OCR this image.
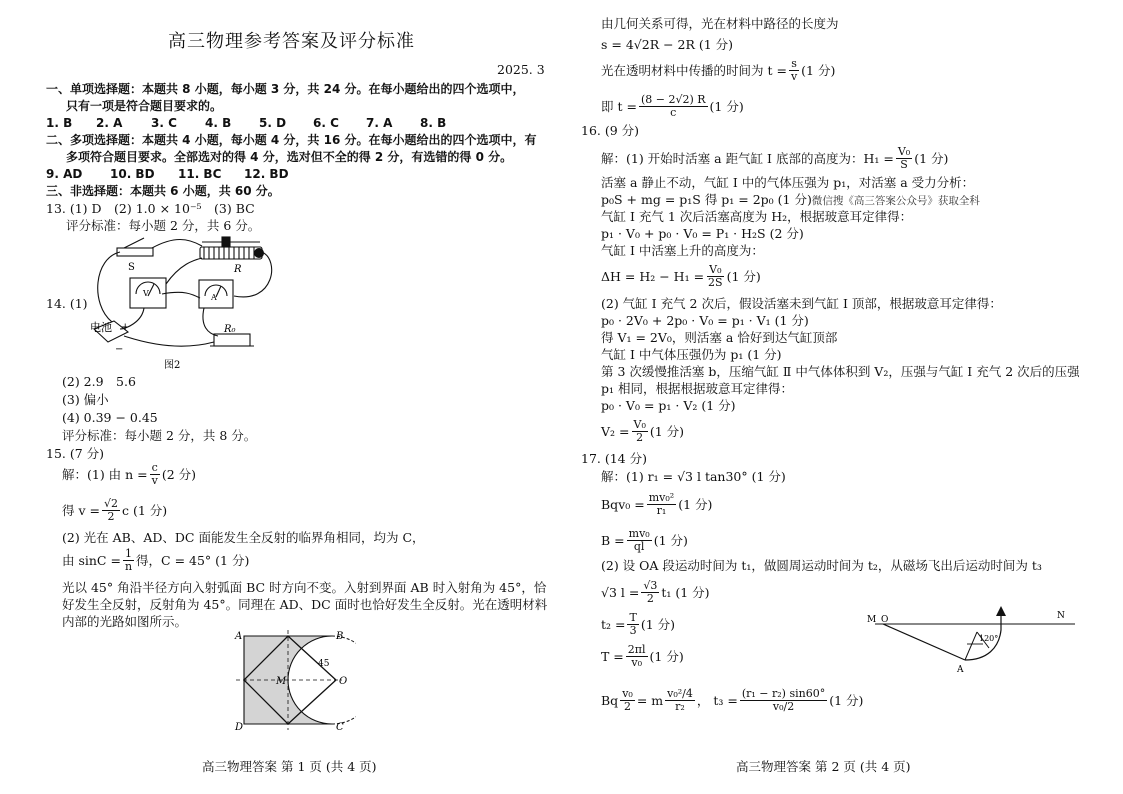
高三物理参考答案及评分标准
2025. 3
一、单项选择题：本题共 8 小题，每小题 3 分，共 24 分。在每小题给出的四个选项中，
只有一项是符合题目要求的。
1. B 2. A 3. C 4. B 5. D 6. C 7. A 8. B
二、多项选择题：本题共 4 小题，每小题 4 分，共 16 分。在每小题给出的四个选项中，有
多项符合题目要求。全部选对的得 4 分，选对但不全的得 2 分，有选错的得 0 分。
9. AD 10. BD 11. BC 12. BD
三、非选择题：本题共 6 小题，共 60 分。
13. (1) D　(2) 1.0 × 10⁻⁵　(3) BC
评分标准：每小题 2 分，共 6 分。
14. (1)
S	R
V	A
电池 +
−
R₀
图2
(2) 2.9　5.6
(3) 偏小
(4) 0.39 − 0.45
评分标准：每小题 2 分，共 8 分。
15. (7 分)
解：(1) 由 $n = \frac{c}{v} (2$ 分)
得 $v = \frac{√2}{2}$ c (1 分)
(2) 光在 AB、AD、DC 面能发生全反射的临界角相同，均为 C，
由 $\sin C = \frac{1}{n}$ 得，C = 45° (1 分)
光以 45° 角沿半径方向入射弧面 BC 时方向不变。入射到界面 AB 时入射角为 45°，恰
好发生全反射，反射角为 45°。同理在 AD、DC 面时也恰好发生全反射。光在透明材料
内部的光路如图所示。
A	B
C
D
M	O
45
高三物理答案 第 1 页 (共 4 页)
由几何关系可得，光在材料中路径的长度为
s = 4√2R − 2R (1 分)
光在透明材料中传播的时间为 $t = \frac{s}{v} (1$ 分)
即 $t = \frac{(8 - 2√2) R}{c} (1$ 分)
16. (9 分)
解：(1) 开始时活塞 a 距气缸 Ⅰ 底部的高度为：$H_1 = \frac{\text{V₀}}{S} (1$ 分)
活塞 a 静止不动，气缸 Ⅰ 中的气体压强为 p₁，对活塞 a 受力分析：
p₀S + mg = p₁S 得 p₁ = 2p₀ (1 分)微信搜《高三答案公众号》获取全科
气缸 Ⅰ 充气 1 次后活塞高度为 H₂，根据玻意耳定律得：
p₁ · V₀ + p₀ · V₀ = P₁ · H₂S (2 分)
气缸 Ⅰ 中活塞上升的高度为：
$\Delta H = H_2 - H_1 = \frac{\text{V₀}}{2S} (1$ 分)
(2) 气缸 Ⅰ 充气 2 次后，假设活塞未到气缸 Ⅰ 顶部，根据玻意耳定律得：
p₀ · 2V₀ + 2p₀ · V₀ = p₁ · V₁ (1 分)
得 V₁ = 2V₀，则活塞 a 恰好到达气缸顶部
气缸 Ⅰ 中气体压强仍为 p₁ (1 分)
第 3 次缓慢推活塞 b，压缩气缸 Ⅱ 中气体体积到 V₂，压强与气缸 Ⅰ 充气 2 次后的压强
p₁ 相同，根据根据玻意耳定律得：
p₀ · V₀ = p₁ · V₂ (1 分)
$V_2 = \frac{\text{V₀}}{2} (1$ 分)
17. (14 分)
解：(1) r₁ = √3 l tan30° (1 分)
$Bqv_0 = \frac{\text{mv₀²}}{\text{r₁}} (1$ 分)
$B = \frac{\text{mv₀}}{ql} (1$ 分)
(2) 设 OA 段运动时间为 t₁，做圆周运动时间为 t₂，从磁场飞出后运动时间为 t₃
√3 $l = \frac{√3}{2} t_1$ (1 分)
$t_2 = \frac{T}{3} (1$ 分)
$T = \frac{2\pi l}{\text{v₀}} (1$ 分)
Bq $\frac{\text{v₀}}{2} = m \frac{\text{v₀²/4}}{\text{r₂}}$ ， $t_3 = \frac{\text{(r₁ − r₂) sin60°}}{\text{v₀/2}} (1$ 分)
M O	N
A
120°
高三物理答案 第 2 页 (共 4 页)
